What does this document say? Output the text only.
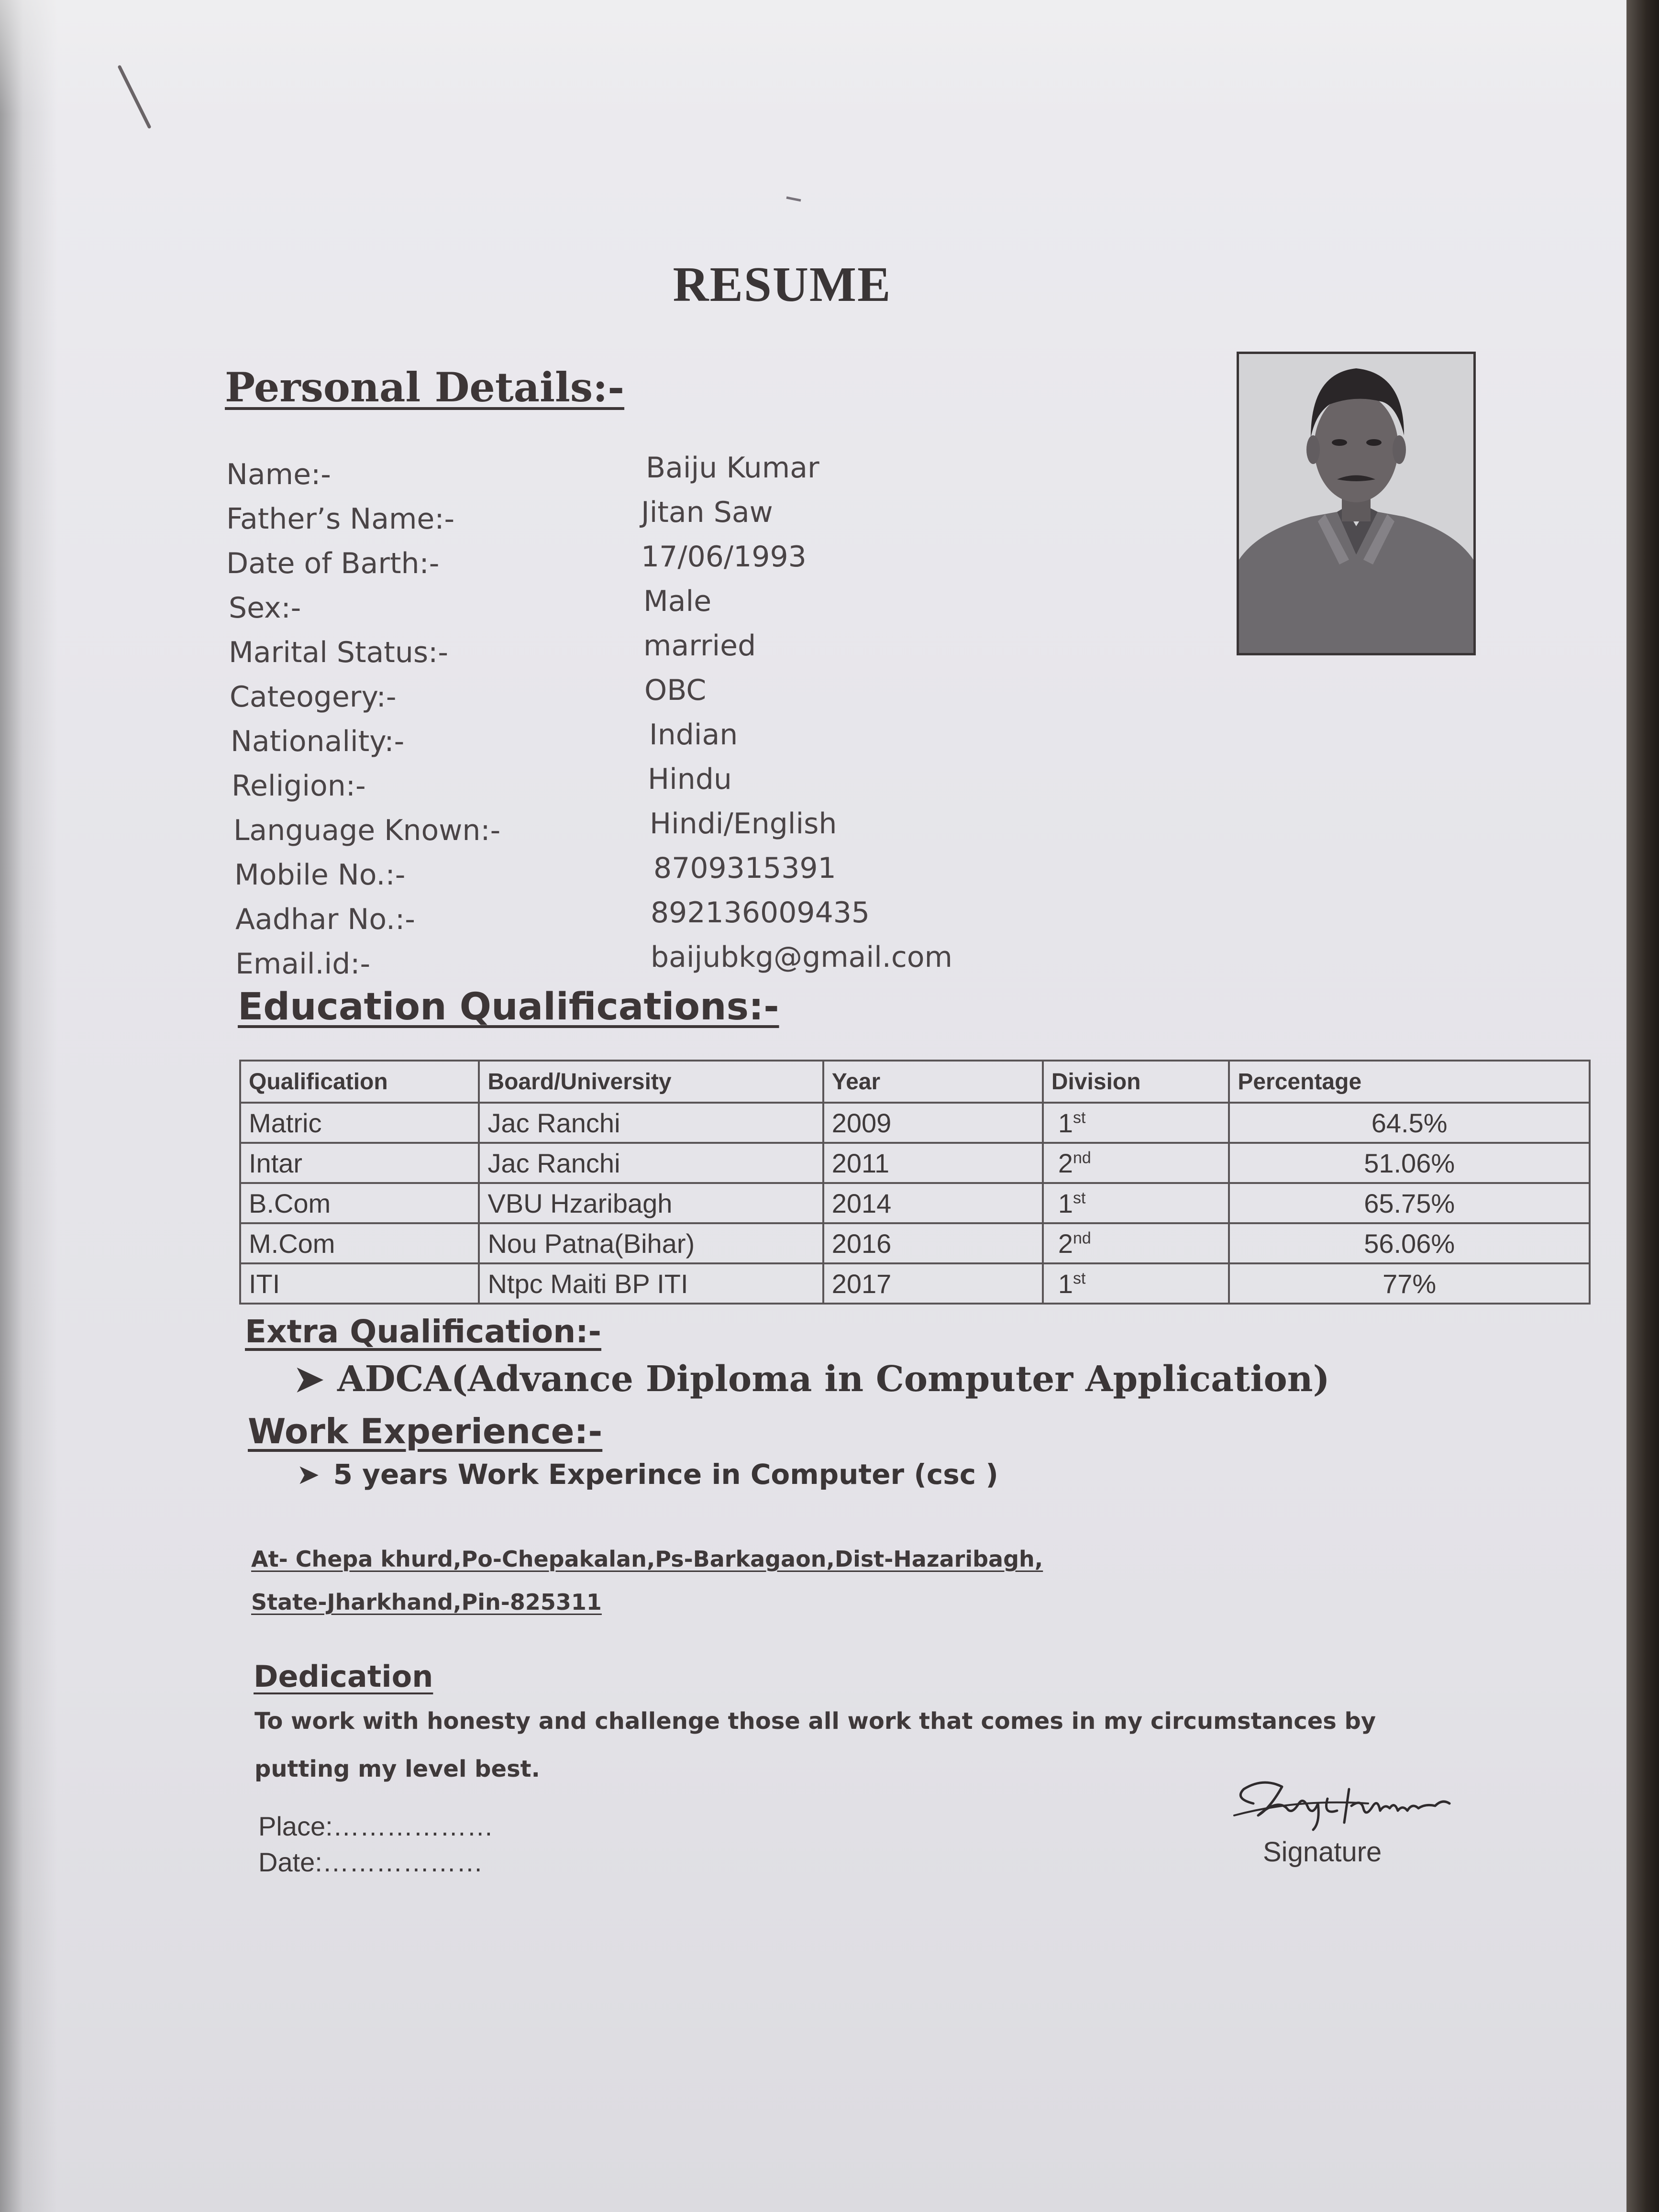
RESUME
Personal Details:-
Name:-	Baiju Kumar
Father’s Name:-	Jitan Saw
Date of Barth:-	17/06/1993
Sex:-	Male
Marital Status:-	married
Cateogery:-	OBC
Nationality:-	Indian
Religion:-	Hindu
Language Known:-	Hindi/English
Mobile No.:-	8709315391
Aadhar No.:-	892136009435
Email.id:-	baijubkg@gmail.com
Education Qualifications:-
Qualification	Board/University	Year	Division	Percentage
Matric	Jac Ranchi	2009	1st	64.5%
Intar	Jac Ranchi	2011	2nd	51.06%
B.Com	VBU Hzaribagh	2014	1st	65.75%
M.Com	Nou Patna(Bihar)	2016	2nd	56.06%
ITI	Ntpc Maiti BP ITI	2017	1st	77%
Extra Qualification:-
➤ ADCA(Advance Diploma in Computer Application)
Work Experience:-
➤ 5 years Work Experince in Computer (csc )
At- Chepa khurd,Po-Chepakalan,Ps-Barkagaon,Dist-Hazaribagh,
State-Jharkhand,Pin-825311
Dedication
To work with honesty and challenge those all work that comes in my circumstances by putting my level best.
Place:………………
Date:………………	Signature
